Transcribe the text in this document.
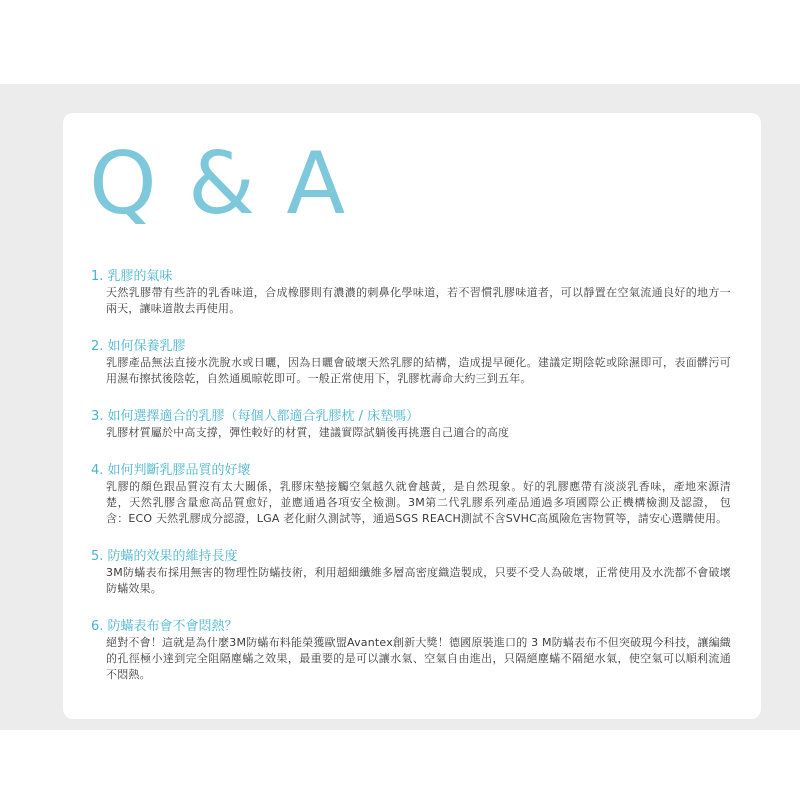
Q & A

1. 乳膠的氣味

天然乳膠帶有些許的乳香味道，合成橡膠則有濃濃的刺鼻化學味道，若不習慣乳膠味道者，可以靜置在空氣流通良好的地方一兩天，讓味道散去再使用。

2. 如何保養乳膠

乳膠產品無法直接水洗脫水或日曬，因為日曬會破壞天然乳膠的結構，造成提早硬化。建議定期陰乾或除濕即可，表面髒污可用濕布擦拭後陰乾，自然通風晾乾即可。一般正常使用下，乳膠枕壽命大約三到五年。

3. 如何選擇適合的乳膠（每個人都適合乳膠枕 / 床墊嗎）

乳膠材質屬於中高支撐，彈性較好的材質，建議實際試躺後再挑選自己適合的高度

4. 如何判斷乳膠品質的好壞

乳膠的顏色跟品質沒有太大關係，乳膠床墊接觸空氣越久就會越黃，是自然現象。好的乳膠應帶有淡淡乳香味，產地來源清楚，天然乳膠含量愈高品質愈好，並應通過各項安全檢測。3M第二代乳膠系列產品通過多項國際公正機構檢測及認證， 包含：ECO 天然乳膠成分認證，LGA 老化耐久測試等，通過SGS REACH測試不含SVHC高風險危害物質等，請安心選購使用。

5. 防蟎的效果的維持長度

3M防蟎表布採用無害的物理性防蟎技術，利用超細纖維多層高密度織造製成，只要不受人為破壞，正常使用及水洗都不會破壞防蟎效果。

6. 防蟎表布會不會悶熱？

絕對不會！這就是為什麼3M防蟎布料能榮獲歐盟Avantex創新大獎！德國原裝進口的 3 M防蟎表布不但突破現今科技，讓編織的孔徑極小達到完全阻隔塵蟎之效果，最重要的是可以讓水氣、空氣自由進出，只隔絕塵蟎不隔絕水氣，使空氣可以順利流通不悶熱。
